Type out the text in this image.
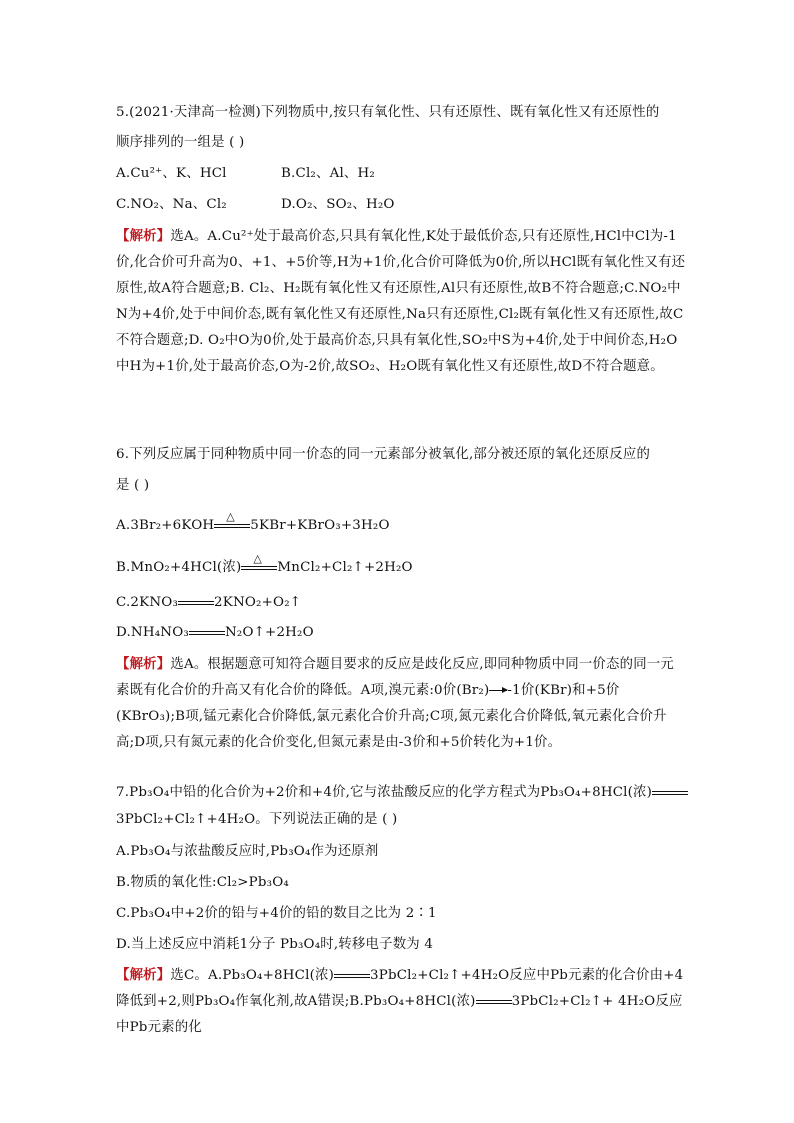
5.(2021·天津高一检测)下列物质中,按只有氧化性、只有还原性、既有氧化性又有还原性的
顺序排列的一组是 ( )
A.Cu²⁺、K、HCl	B.Cl₂、Al、H₂
C.NO₂、Na、Cl₂	D.O₂、SO₂、H₂O
【解析】选A。A.Cu²⁺处于最高价态,只具有氧化性,K处于最低价态,只有还原性,HCl中Cl为-1价,化合价可升高为0、+1、+5价等,H为+1价,化合价可降低为0价,所以HCl既有氧化性又有还原性,故A符合题意;B. Cl₂、H₂既有氧化性又有还原性,Al只有还原性,故B不符合题意;C.NO₂中N为+4价,处于中间价态,既有氧化性又有还原性,Na只有还原性,Cl₂既有氧化性又有还原性,故C不符合题意;D. O₂中O为0价,处于最高价态,只具有氧化性,SO₂中S为+4价,处于中间价态,H₂O中H为+1价,处于最高价态,O为-2价,故SO₂、H₂O既有氧化性又有还原性,故D不符合题意。
6.下列反应属于同种物质中同一价态的同一元素部分被氧化,部分被还原的氧化还原反应的
是 ( )
A.3Br₂+6KOH
△
5KBr+KBrO₃+3H₂O
B.MnO₂+4HCl(浓)
△
MnCl₂+Cl₂↑+2H₂O
C.2KNO₃	2KNO₂+O₂↑
D.NH₄NO₃	N₂O↑+2H₂O
【解析】选A。根据题意可知符合题目要求的反应是歧化反应,即同种物质中同一价态的同一元素既有化合价的升高又有化合价的降低。A项,溴元素:0价(Br₂) -1价(KBr)和+5价(KBrO₃);B项,锰元素化合价降低,氯元素化合价升高;C项,氮元素化合价降低,氧元素化合价升高;D项,只有氮元素的化合价变化,但氮元素是由-3价和+5价转化为+1价。
7.Pb₃O₄中铅的化合价为+2价和+4价,它与浓盐酸反应的化学方程式为Pb₃O₄+8HCl(浓)
3PbCl₂+Cl₂↑+4H₂O。下列说法正确的是 ( )
A.Pb₃O₄与浓盐酸反应时,Pb₃O₄作为还原剂
B.物质的氧化性:Cl₂>Pb₃O₄
C.Pb₃O₄中+2价的铅与+4价的铅的数目之比为 2∶1
D.当上述反应中消耗1分子 Pb₃O₄时,转移电子数为 4
【解析】选C。A.Pb₃O₄+8HCl(浓)	3PbCl₂+Cl₂↑+4H₂O反应中Pb元素的化合价由+4降低到+2,则Pb₃O₄作氧化剂,故A错误;B.Pb₃O₄+8HCl(浓)	3PbCl₂+Cl₂↑+ 4H₂O反应中Pb元素的化
